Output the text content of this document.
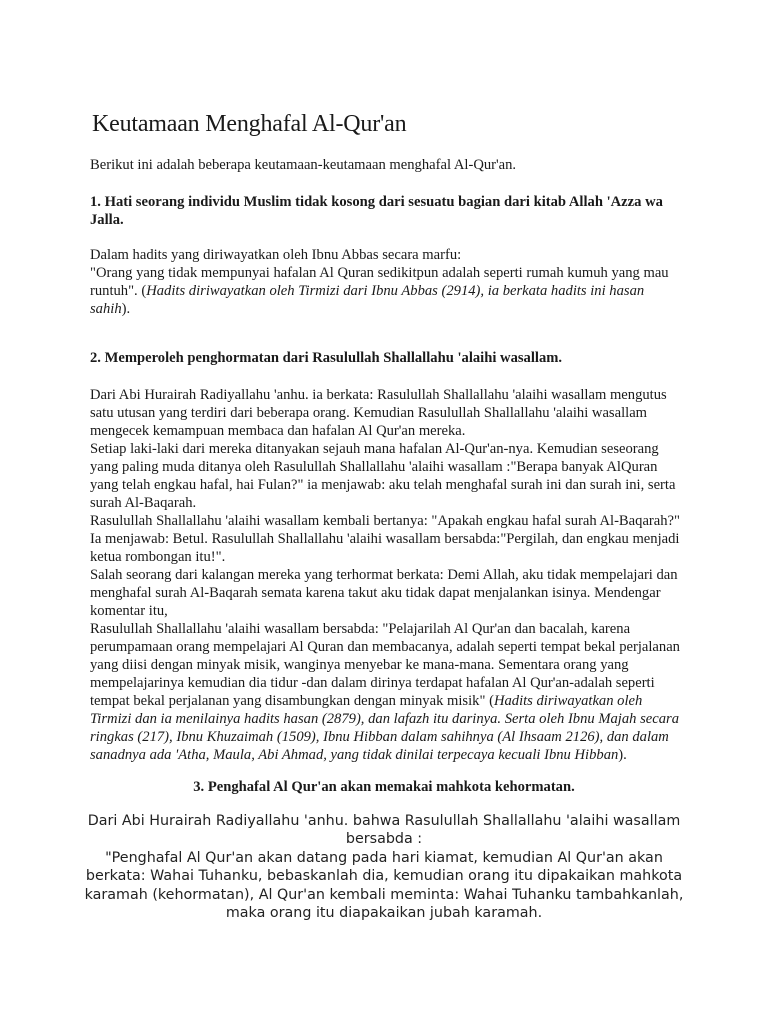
Keutamaan Menghafal Al-Qur'an

Berikut ini adalah beberapa keutamaan-keutamaan menghafal Al-Qur'an.

1. Hati seorang individu Muslim tidak kosong dari sesuatu bagian dari kitab Allah 'Azza wa Jalla.

Dalam hadits yang diriwayatkan oleh Ibnu Abbas secara marfu:
"Orang yang tidak mempunyai hafalan Al Quran sedikitpun adalah seperti rumah kumuh yang mau runtuh". (Hadits diriwayatkan oleh Tirmizi dari Ibnu Abbas (2914), ia berkata hadits ini hasan sahih).

2. Memperoleh penghormatan dari Rasulullah Shallallahu 'alaihi wasallam.

Dari Abi Hurairah Radiyallahu 'anhu. ia berkata: Rasulullah Shallallahu 'alaihi wasallam mengutus satu utusan yang terdiri dari beberapa orang. Kemudian Rasulullah Shallallahu 'alaihi wasallam mengecek kemampuan membaca dan hafalan Al Qur'an mereka.
Setiap laki-laki dari mereka ditanyakan sejauh mana hafalan Al-Qur'an-nya. Kemudian seseorang yang paling muda ditanya oleh Rasulullah Shallallahu 'alaihi wasallam :"Berapa banyak AlQuran yang telah engkau hafal, hai Fulan?" ia menjawab: aku telah menghafal surah ini dan surah ini, serta surah Al-Baqarah.
Rasulullah Shallallahu 'alaihi wasallam kembali bertanya: "Apakah engkau hafal surah Al-Baqarah?" Ia menjawab: Betul. Rasulullah Shallallahu 'alaihi wasallam bersabda:"Pergilah, dan engkau menjadi ketua rombongan itu!".
Salah seorang dari kalangan mereka yang terhormat berkata: Demi Allah, aku tidak mempelajari dan menghafal surah Al-Baqarah semata karena takut aku tidak dapat menjalankan isinya. Mendengar komentar itu,
Rasulullah Shallallahu 'alaihi wasallam bersabda: "Pelajarilah Al Qur'an dan bacalah, karena perumpamaan orang mempelajari Al Quran dan membacanya, adalah seperti tempat bekal perjalanan yang diisi dengan minyak misik, wanginya menyebar ke mana-mana. Sementara orang yang mempelajarinya kemudian dia tidur -dan dalam dirinya terdapat hafalan Al Qur'an-adalah seperti tempat bekal perjalanan yang disambungkan dengan minyak misik" (Hadits diriwayatkan oleh Tirmizi dan ia menilainya hadits hasan (2879), dan lafazh itu darinya. Serta oleh Ibnu Majah secara ringkas (217), Ibnu Khuzaimah (1509), Ibnu Hibban dalam sahihnya (Al Ihsaam 2126), dan dalam sanadnya ada 'Atha, Maula, Abi Ahmad, yang tidak dinilai terpecaya kecuali Ibnu Hibban).

3. Penghafal Al Qur'an akan memakai mahkota kehormatan.

Dari Abi Hurairah Radiyallahu 'anhu. bahwa Rasulullah Shallallahu 'alaihi wasallam bersabda :
"Penghafal Al Qur'an akan datang pada hari kiamat, kemudian Al Qur'an akan berkata: Wahai Tuhanku, bebaskanlah dia, kemudian orang itu dipakaikan mahkota karamah (kehormatan), Al Qur'an kembali meminta: Wahai Tuhanku tambahkanlah, maka orang itu diapakaikan jubah karamah.
